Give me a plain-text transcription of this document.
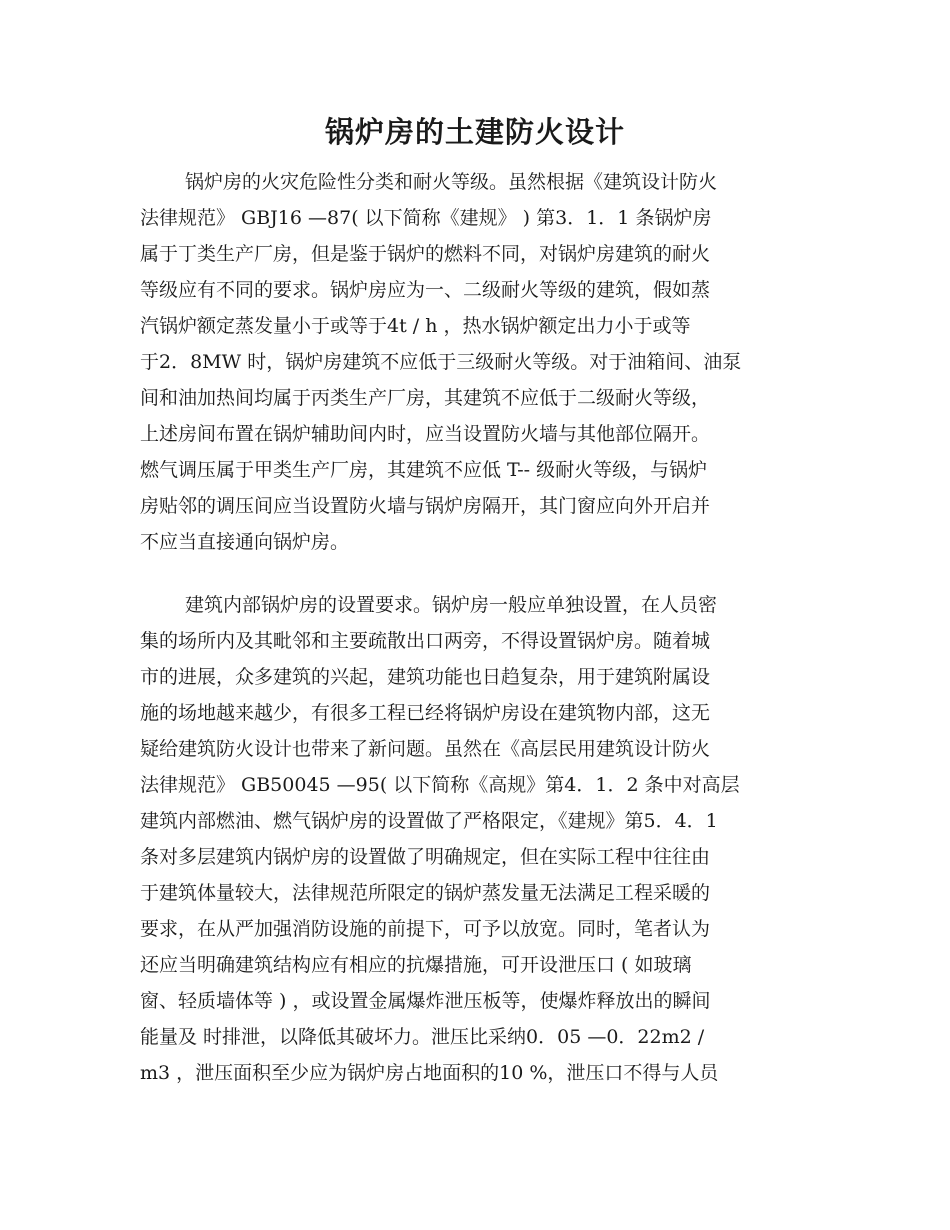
锅炉房的土建防火设计
锅炉房的火灾危险性分类和耐火等级。虽然根据《建筑设计防火
法律规范》 GBJ16 —87( 以下简称《建规》 ) 第3．1．1 条锅炉房
属于丁类生产厂房，但是鉴于锅炉的燃料不同，对锅炉房建筑的耐火
等级应有不同的要求。锅炉房应为一、二级耐火等级的建筑，假如蒸
汽锅炉额定蒸发量小于或等于4t / h ，热水锅炉额定出力小于或等
于2．8MW 时，锅炉房建筑不应低于三级耐火等级。对于油箱间、油泵
间和油加热间均属于丙类生产厂房，其建筑不应低于二级耐火等级，
上述房间布置在锅炉辅助间内时，应当设置防火墙与其他部位隔开。
燃气调压属于甲类生产厂房，其建筑不应低 T-- 级耐火等级，与锅炉
房贴邻的调压间应当设置防火墙与锅炉房隔开，其门窗应向外开启并
不应当直接通向锅炉房。
建筑内部锅炉房的设置要求。锅炉房一般应单独设置，在人员密
集的场所内及其毗邻和主要疏散出口两旁，不得设置锅炉房。随着城
市的进展，众多建筑的兴起，建筑功能也日趋复杂，用于建筑附属设
施的场地越来越少，有很多工程已经将锅炉房设在建筑物内部，这无
疑给建筑防火设计也带来了新问题。虽然在《高层民用建筑设计防火
法律规范》 GB50045 —95( 以下简称《高规》第4．1．2 条中对高层
建筑内部燃油、燃气锅炉房的设置做了严格限定，《建规》第5．4．1
条对多层建筑内锅炉房的设置做了明确规定，但在实际工程中往往由
于建筑体量较大，法律规范所限定的锅炉蒸发量无法满足工程采暖的
要求，在从严加强消防设施的前提下，可予以放宽。同时，笔者认为
还应当明确建筑结构应有相应的抗爆措施，可开设泄压口 ( 如玻璃
窗、轻质墙体等 ) ，或设置金属爆炸泄压板等，使爆炸释放出的瞬间
能量及 时排泄，以降低其破坏力。泄压比采纳0．05 —0．22m2 /
m3 ，泄压面积至少应为锅炉房占地面积的10 %，泄压口不得与人员
